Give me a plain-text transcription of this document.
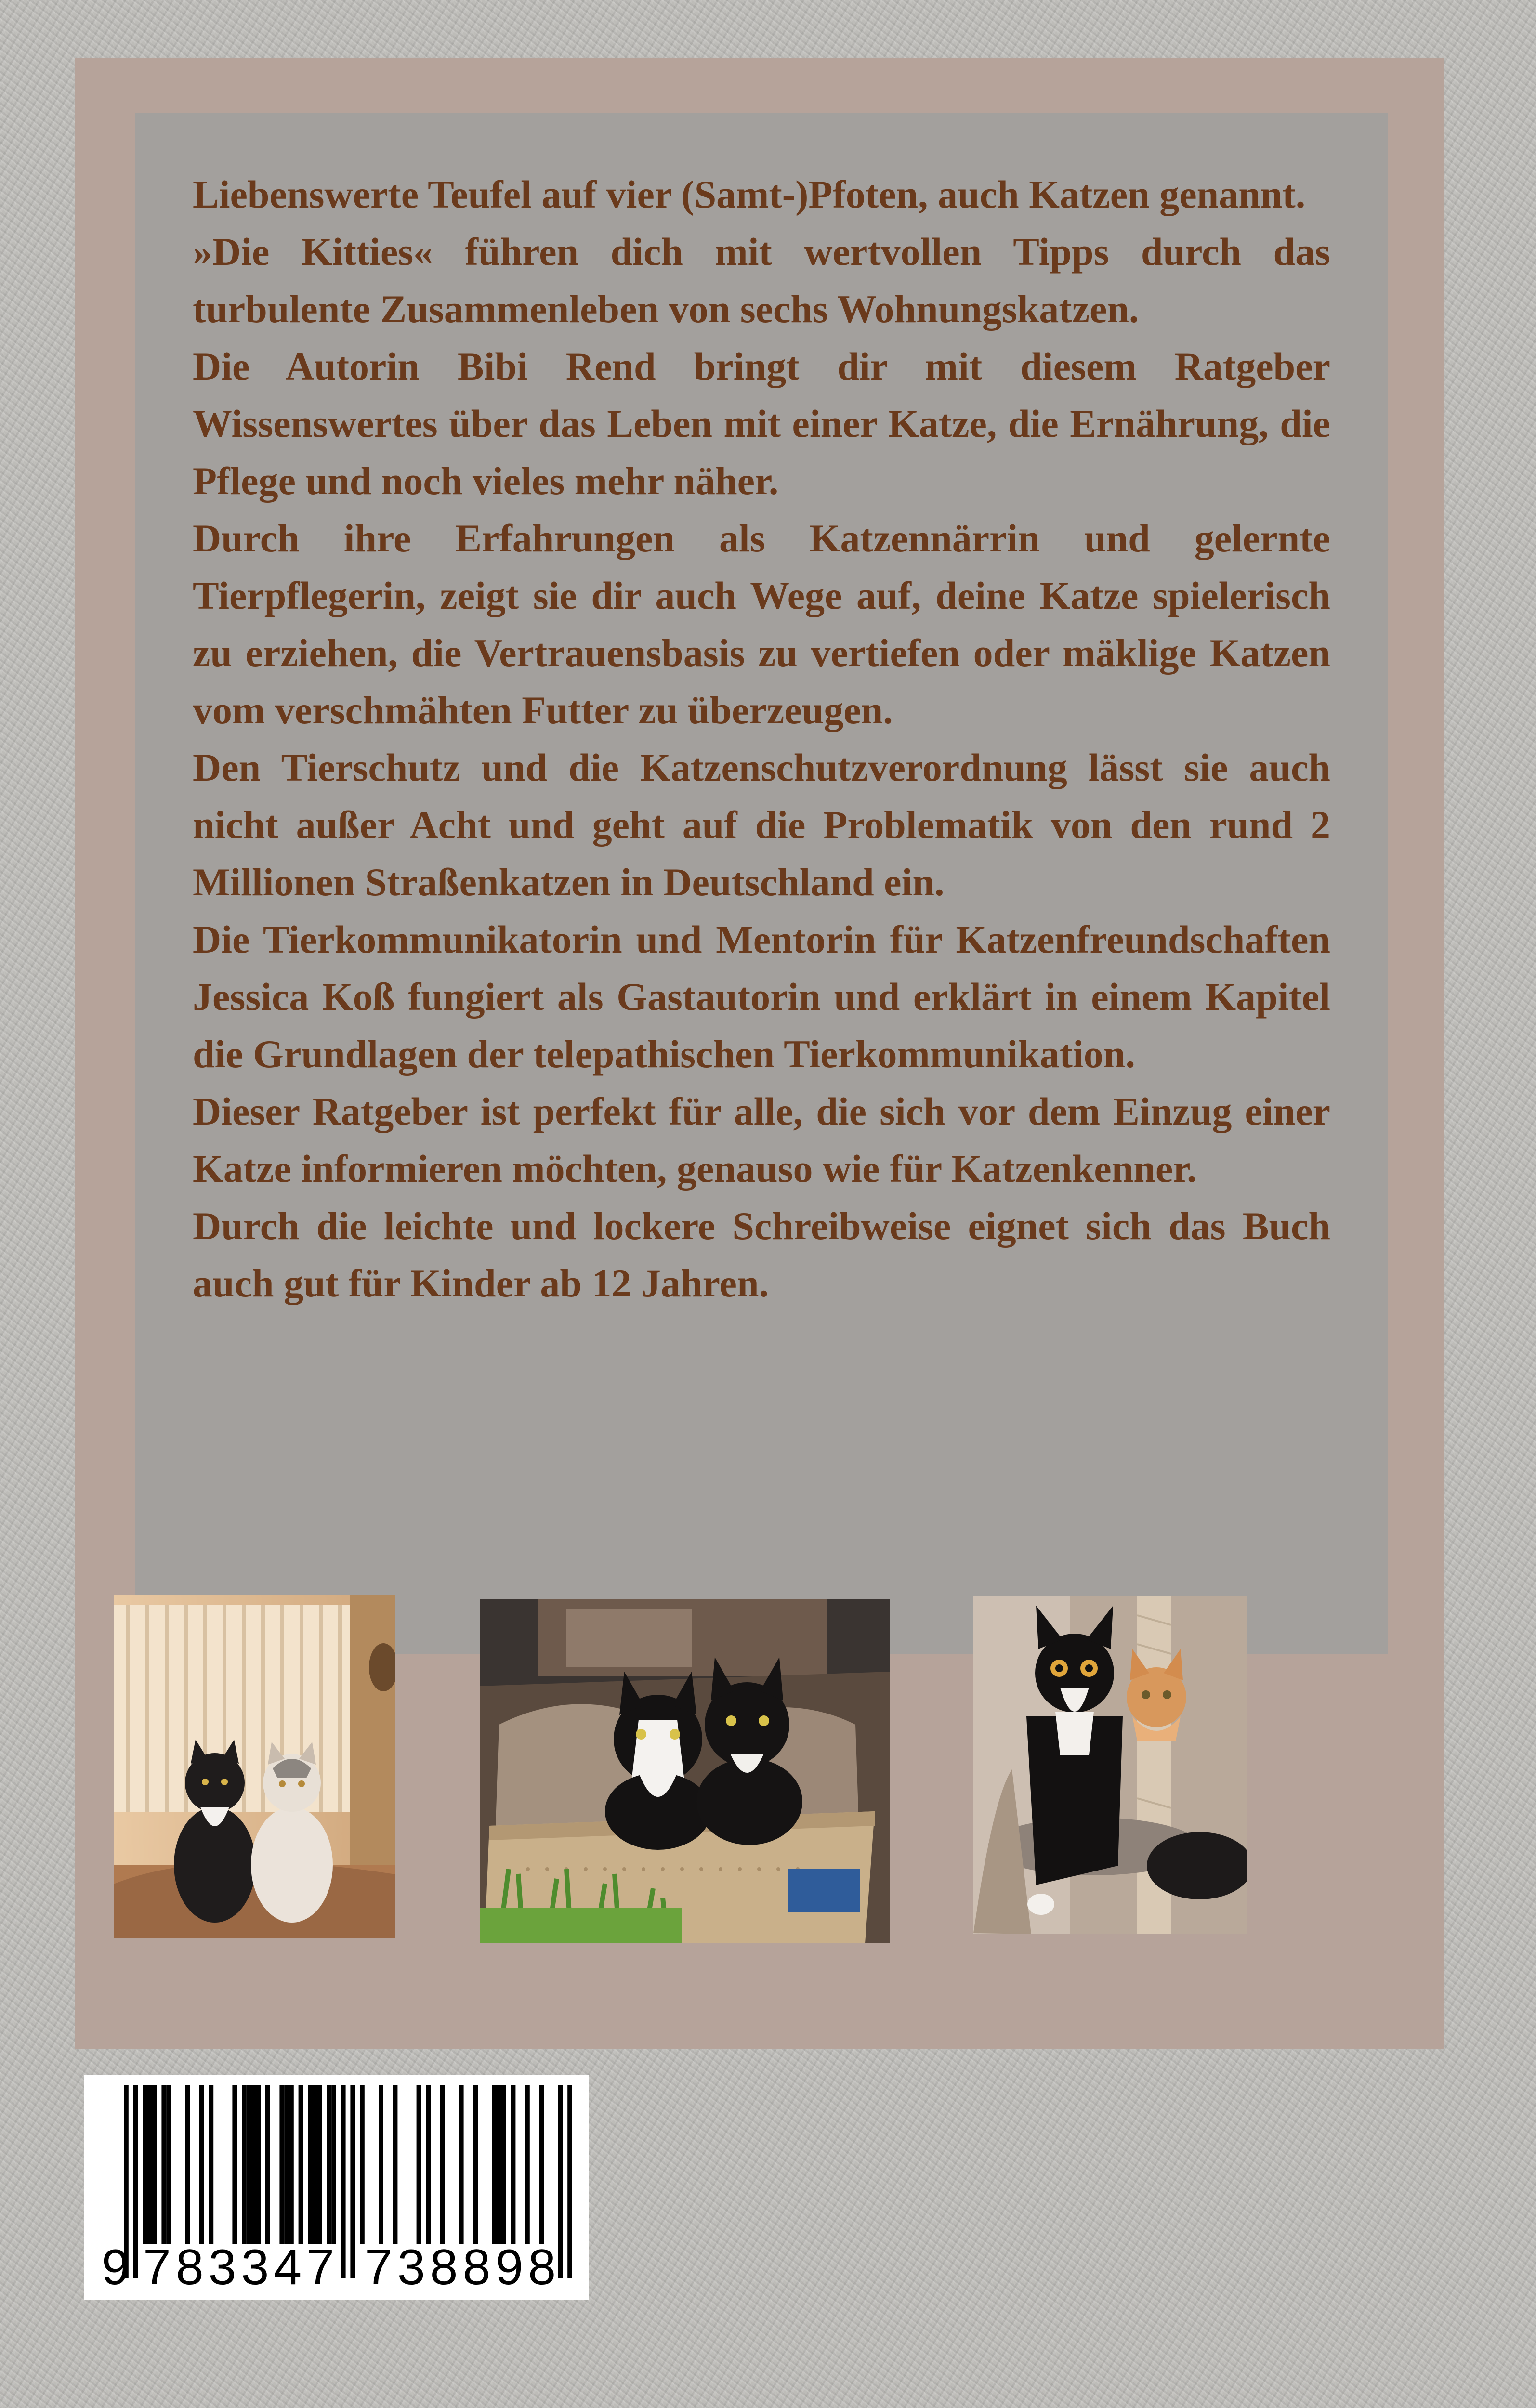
Liebenswerte Teufel auf vier (Samt-)Pfoten, auch Katzen genannt.

»Die Kitties« führen dich mit wertvollen Tipps durch das turbulente Zusammenleben von sechs Wohnungskatzen.

Die Autorin Bibi Rend bringt dir mit diesem Ratgeber Wissenswertes über das Leben mit einer Katze, die Ernährung, die Pflege und noch vieles mehr näher.

Durch ihre Erfahrungen als Katzennärrin und gelernte Tierpflegerin, zeigt sie dir auch Wege auf, deine Katze spielerisch zu erziehen, die Vertrauensbasis zu vertiefen oder mäklige Katzen vom verschmähten Futter zu überzeugen.

Den Tierschutz und die Katzenschutzverordnung lässt sie auch nicht außer Acht und geht auf die Problematik von den rund 2 Millionen Straßenkatzen in Deutschland ein.

Die Tierkommunikatorin und Mentorin für Katzenfreundschaften Jessica Koß fungiert als Gastautorin und erklärt in einem Kapitel die Grundlagen der telepathischen Tierkommunikation.

Dieser Ratgeber ist perfekt für alle, die sich vor dem Einzug einer Katze informieren möchten, genauso wie für Katzenkenner.

Durch die leichte und lockere Schreibweise eignet sich das Buch auch gut für Kinder ab 12 Jahren.

9 783347 738898
